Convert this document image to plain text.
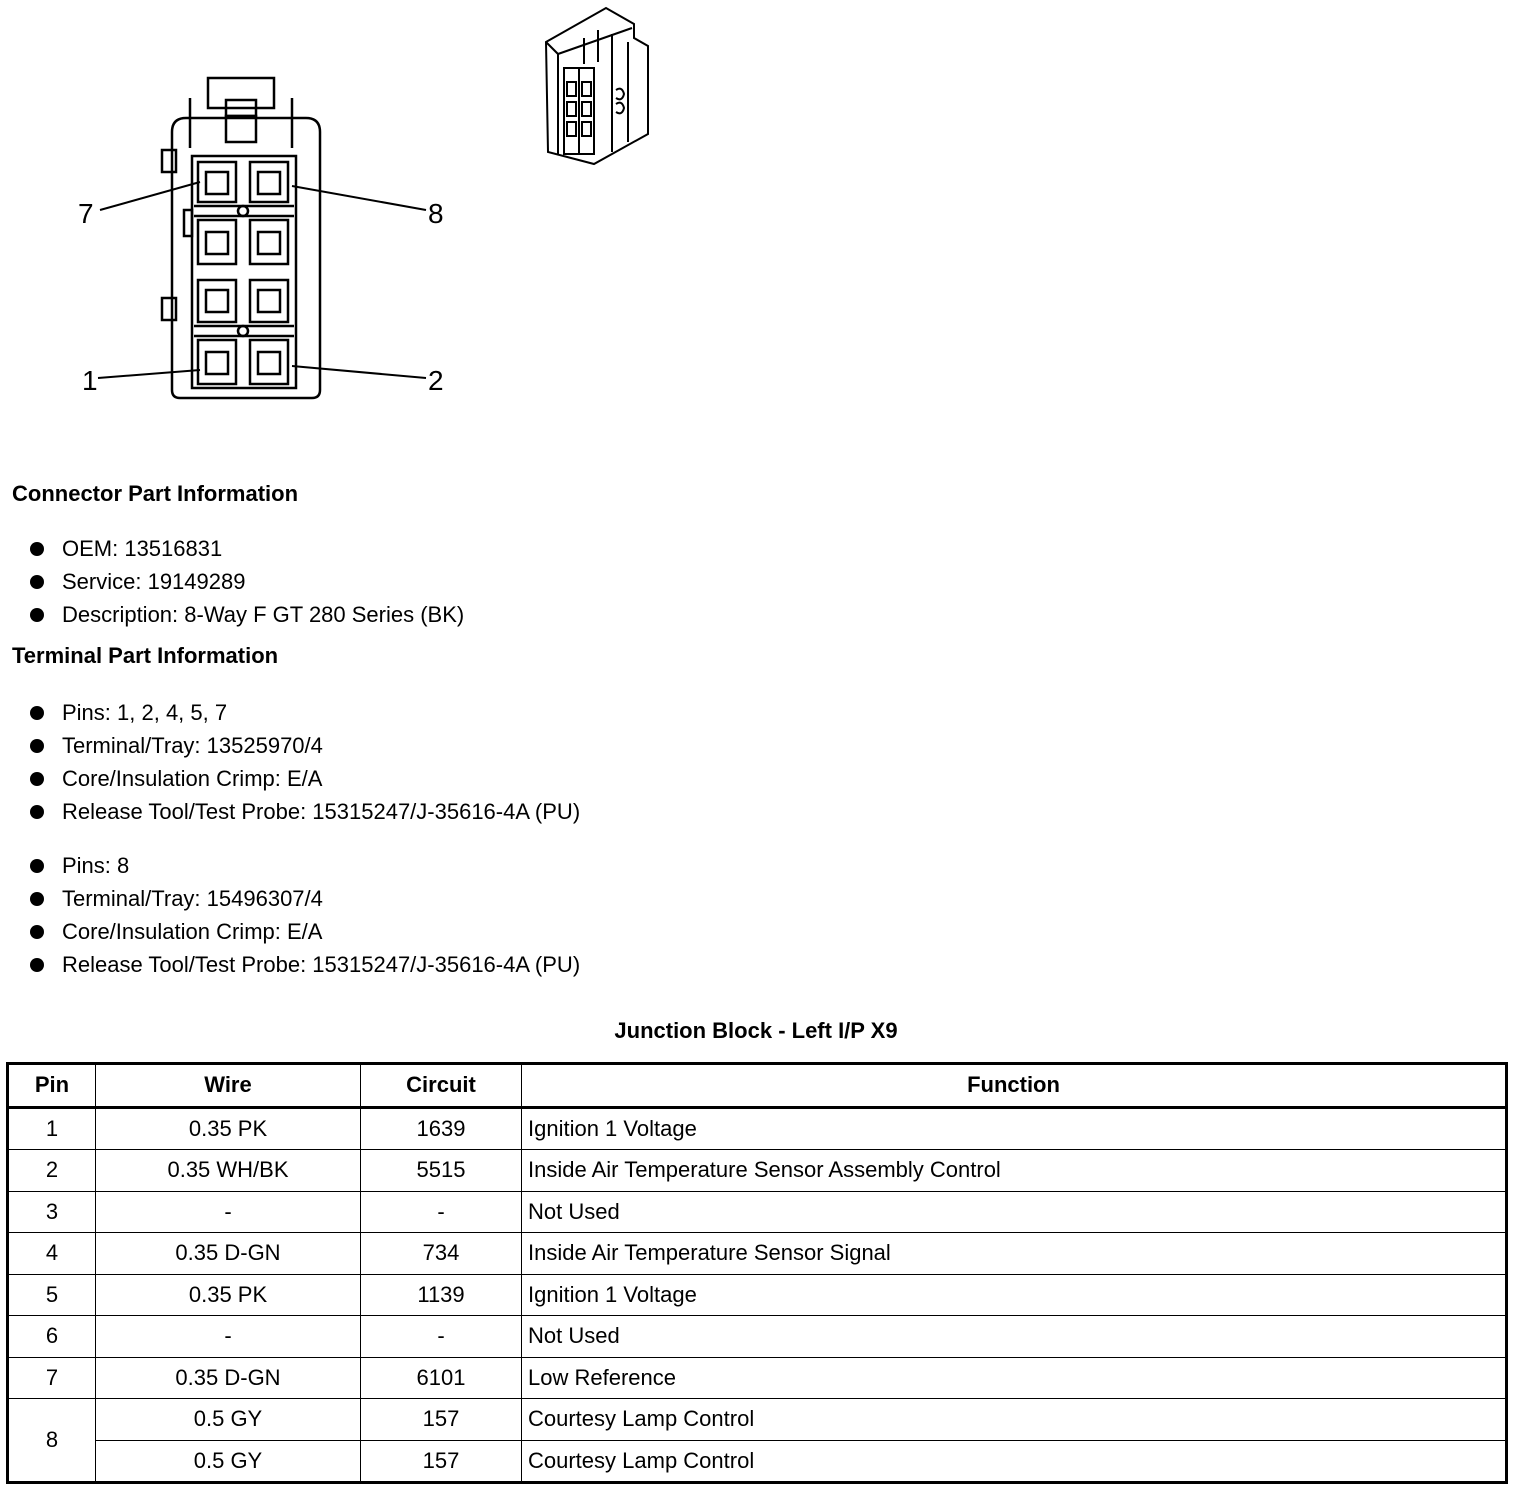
7	8
1	2
Connector Part Information
OEM: 13516831
Service: 19149289
Description: 8-Way F GT 280 Series (BK)
Terminal Part Information
Pins: 1, 2, 4, 5, 7
Terminal/Tray: 13525970/4
Core/Insulation Crimp: E/A
Release Tool/Test Probe: 15315247/J-35616-4A (PU)
Pins: 8
Terminal/Tray: 15496307/4
Core/Insulation Crimp: E/A
Release Tool/Test Probe: 15315247/J-35616-4A (PU)
Junction Block - Left I/P X9
Pin	Wire	Circuit	Function
1	0.35 PK	1639	Ignition 1 Voltage
2	0.35 WH/BK	5515	Inside Air Temperature Sensor Assembly Control
3	-	-	Not Used
4	0.35 D-GN	734	Inside Air Temperature Sensor Signal
5	0.35 PK	1139	Ignition 1 Voltage
6	-	-	Not Used
7	0.35 D-GN	6101	Low Reference
8	0.5 GY	157	Courtesy Lamp Control
	0.5 GY	157	Courtesy Lamp Control
